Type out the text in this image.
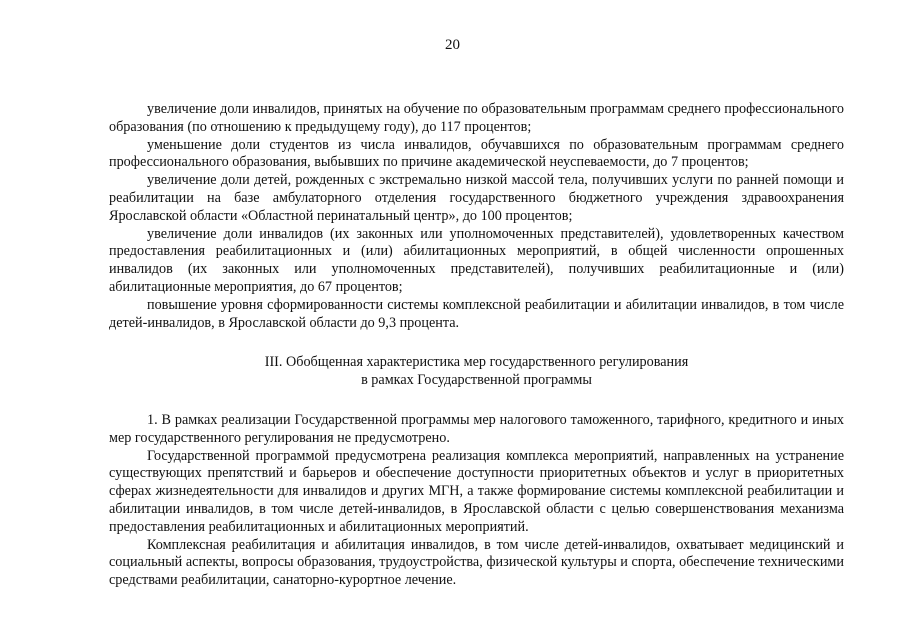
20

увеличение доли инвалидов, принятых на обучение по образовательным программам среднего профессионального образования (по отношению к предыдущему году), до 117 процентов;

уменьшение доли студентов из числа инвалидов, обучавшихся по образовательным программам среднего профессионального образования, выбывших по причине академической неуспеваемости, до 7 процентов;

увеличение доли детей, рожденных с экстремально низкой массой тела, получивших услуги по ранней помощи и реабилитации на базе амбулаторного отделения государственного бюджетного учреждения здравоохранения Ярославской области «Областной перинатальный центр», до 100 процентов;

увеличение доли инвалидов (их законных или уполномоченных представителей), удовлетворенных качеством предоставления реабилитационных и (или) абилитационных мероприятий, в общей численности опрошенных инвалидов (их законных или уполномоченных представителей), получивших реабилитационные и (или) абилитационные мероприятия, до 67 процентов;

повышение уровня сформированности системы комплексной реабилитации и абилитации инвалидов, в том числе детей-инвалидов, в Ярославской области до 9,3 процента.

III. Обобщенная характеристика мер государственного регулирования
в рамках Государственной программы

1. В рамках реализации Государственной программы мер налогового таможенного, тарифного, кредитного и иных мер государственного регулирования не предусмотрено.

Государственной программой предусмотрена реализация комплекса мероприятий, направленных на устранение существующих препятствий и барьеров и обеспечение доступности приоритетных объектов и услуг в приоритетных сферах жизнедеятельности для инвалидов и других МГН, а также формирование системы комплексной реабилитации и абилитации инвалидов, в том числе детей-инвалидов, в Ярославской области с целью совершенствования механизма предоставления реабилитационных и абилитационных мероприятий.

Комплексная реабилитация и абилитация инвалидов, в том числе детей-инвалидов, охватывает медицинский и социальный аспекты, вопросы образования, трудоустройства, физической культуры и спорта, обеспечение техническими средствами реабилитации, санаторно-курортное лечение.
